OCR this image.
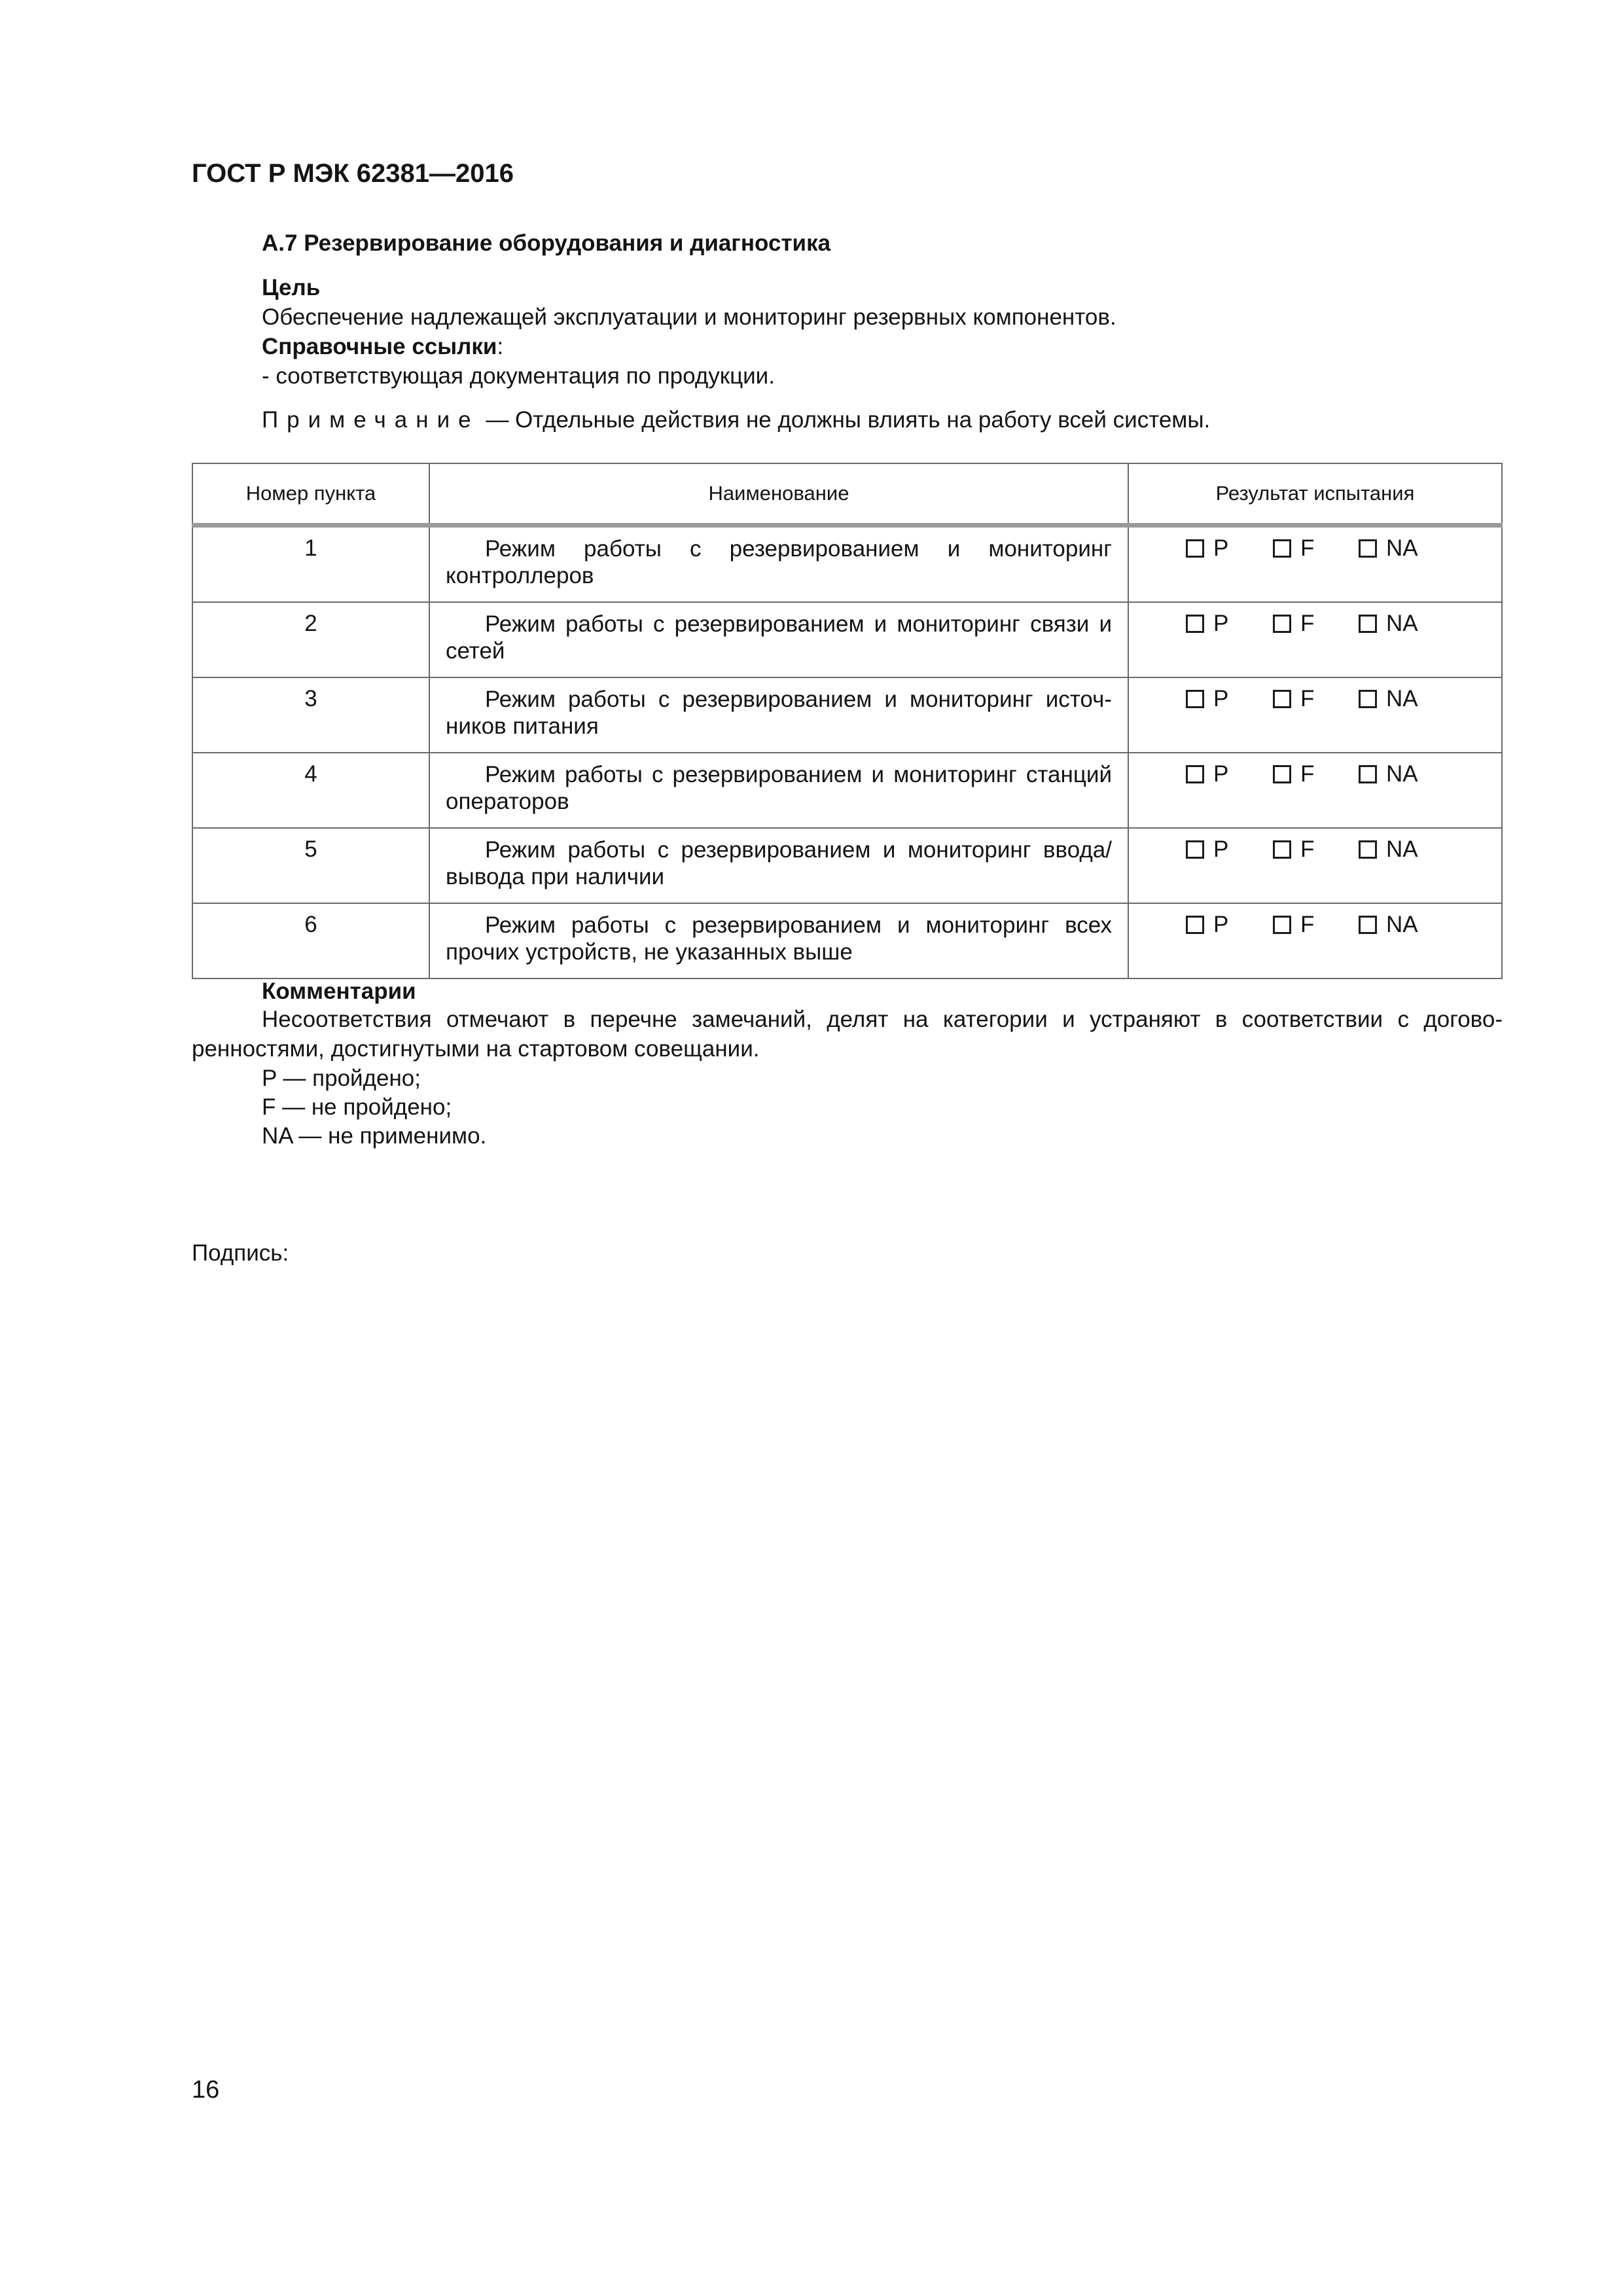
ГОСТ Р МЭК 62381—2016
А.7 Резервирование оборудования и диагностика
Цель
Обеспечение надлежащей эксплуатации и мониторинг резервных компонентов.
Справочные ссылки:
- соответствующая документация по продукции.
Примечание — Отдельные действия не должны влиять на работу всей системы.
Номер пункта	Наименование	Результат испытания
1	Режим работы с резервированием и мониторинг контроллеров	P F NA

2	Режим работы с резервированием и мониторинг связи и сетей	P F NA

3	Режим работы с резервированием и мониторинг источников питания	P F NA

4	Режим работы с резервированием и мониторинг станций операторов	P F NA

5	Режим работы с резервированием и мониторинг ввода/вывода при наличии	P F NA

6	Режим работы с резервированием и мониторинг всех прочих устройств, не указанных выше	P F NA
Комментарии
Несоответствия отмечают в перечне замечаний, делят на категории и устраняют в соответствии с договоренностями, достигнутыми на стартовом совещании.
P — пройдено;
F — не пройдено;
NA — не применимо.
Подпись:
16
